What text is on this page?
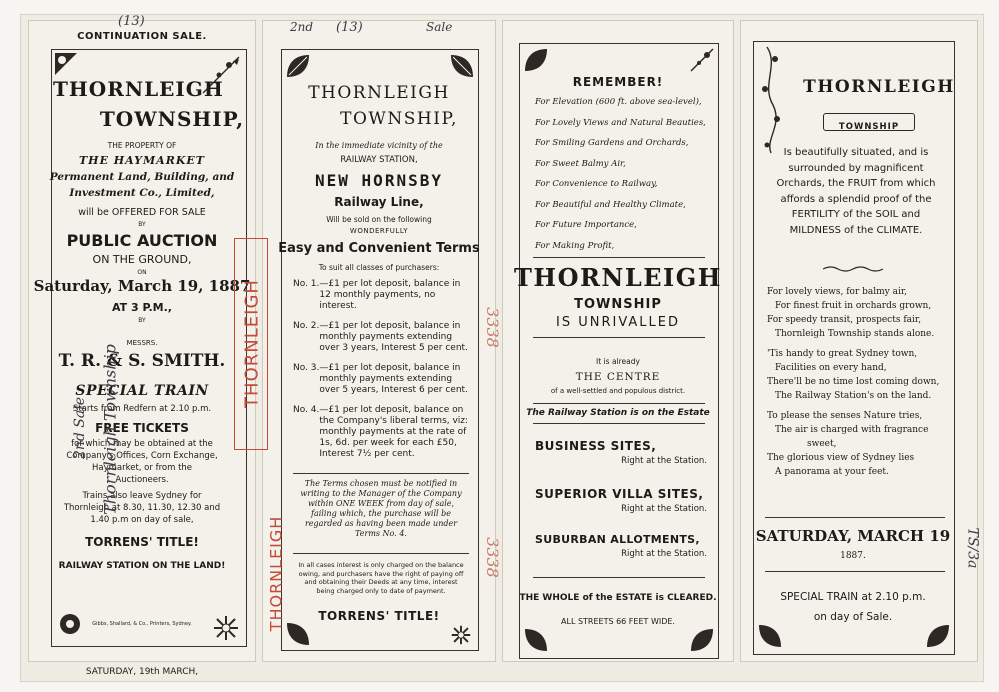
CONTINUATION SALE.
THORNLEIGH
TOWNSHIP,
THE PROPERTY OF
THE HAYMARKET
Permanent Land, Building, and
Investment Co., Limited,
will be OFFERED FOR SALE
BY
PUBLIC AUCTION
ON THE GROUND,
ON
Saturday, March 19, 1887
AT 3 P.M.,
BY
MESSRS.
T. R. & S. SMITH.
SPECIAL TRAIN
Starts from Redfern at 2.10 p.m.
FREE TICKETS
for which may be obtained at the
Company's Offices, Corn Exchange,
Haymarket, or from the
Auctioneers.
Trains also leave Sydney for
Thornleigh at 8.30, 11.30, 12.30 and
1.40 p.m on day of sale,
TORRENS' TITLE!
RAILWAY STATION ON THE LAND!
Gibbs, Shallard, & Co., Printers, Sydney.
SATURDAY, 19th MARCH,
THORNLEIGH
TOWNSHIP,
In the immediate vicinity of the
RAILWAY STATION,
NEW HORNSBY
Railway Line,
Will be sold on the following
WONDERFULLY
Easy and Convenient Terms
To suit all classes of purchasers:
No. 1. —£1 per lot deposit, balance in 12 monthly payments, no interest.
No. 2. —£1 per lot deposit, balance in monthly payments extending over 3 years, Interest 5 per cent.
No. 3. —£1 per lot deposit, balance in monthly payments extending over 5 years, Interest 6 per cent.
No. 4. —£1 per lot deposit, balance on the Company's liberal terms, viz: monthly payments at the rate of 1s, 6d. per week for each £50, Interest 7½ per cent.
The Terms chosen must be notified in writing to the Manager of the Company within ONE WEEK from day of sale, failing which, the purchase will be regarded as having been made under Terms No. 4.
In all cases interest is only charged on the balance owing, and purchasers have the right of paying off and obtaining their Deeds at any time, interest being charged only to date of payment.
TORRENS' TITLE!
REMEMBER!
For Elevation (600 ft. above sea-level),
For Lovely Views and Natural Beauties,
For Smiling Gardens and Orchards,
For Sweet Balmy Air,
For Convenience to Railway,
For Beautiful and Healthy Climate,
For Future Importance,
For Making Profit,
THORNLEIGH
TOWNSHIP
IS UNRIVALLED
It is already
THE CENTRE
of a well-settled and populous district.
The Railway Station is on the Estate
BUSINESS SITES,
Right at the Station.
SUPERIOR VILLA SITES,
Right at the Station.
SUBURBAN ALLOTMENTS,
Right at the Station.
THE WHOLE of the ESTATE is CLEARED.
ALL STREETS 66 FEET WIDE.
THORNLEIGH
TOWNSHIP
Is beautifully situated, and is surrounded by magnificent Orchards, the FRUIT from which affords a splendid proof of the FERTILITY of the SOIL and MILDNESS of the CLIMATE.
For lovely views, for balmy air,
For finest fruit in orchards grown,
For speedy transit, prospects fair,
Thornleigh Township stands alone.
'Tis handy to great Sydney town,
Facilities on every hand,
There'll be no time lost coming down,
The Railway Station's on the land.
To please the senses Nature tries,
The air is charged with fragrance
sweet,
The glorious view of Sydney lies
A panorama at your feet.
SATURDAY, MARCH 19
1887.
SPECIAL TRAIN at 2.10 p.m.
on day of Sale.
(13)	2nd (13)	Sale
Thornleigh Township
2nd Sale
3338
3338	TS/3a
THORNLEIGH
THORNLEIGH
